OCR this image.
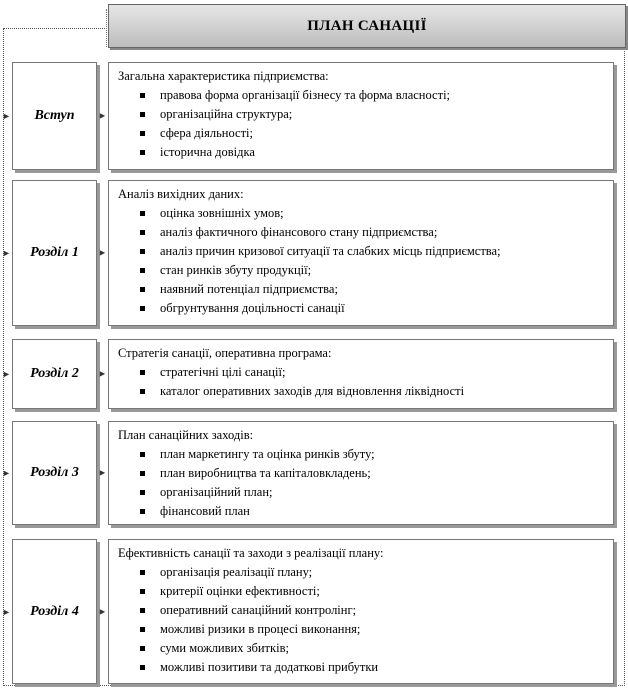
ПЛАН САНАЦІЇ
► Вступ	►
Загальна характеристика підприємства:
правова форма організації бізнесу та форма власності;
організаційна структура;
сфера діяльності;
історична довідка
► Розділ 1 ►
Аналіз вихідних даних:
оцінка зовнішніх умов;
аналіз фактичного фінансового стану підприємства;
аналіз причин кризової ситуації та слабких місць підприємства;
стан ринків збуту продукції;
наявний потенціал підприємства;
обгрунтування доцільності санації
► Розділ 2 ►
Стратегія санації, оперативна програма:
стратегічні цілі санації;
каталог оперативних заходів для відновлення ліквідності
► Розділ 3 ►
План санаційних заходів:
план маркетингу та оцінка ринків збуту;
план виробництва та капіталовкладень;
організаційний план;
фінансовий план
► Розділ 4 ►
Ефективність санації та заходи з реалізації плану:
організація реалізації плану;
критерії оцінки ефективності;
оперативний санаційний контролінг;
можливі ризики в процесі виконання;
суми можливих збитків;
можливі позитиви та додаткові прибутки
